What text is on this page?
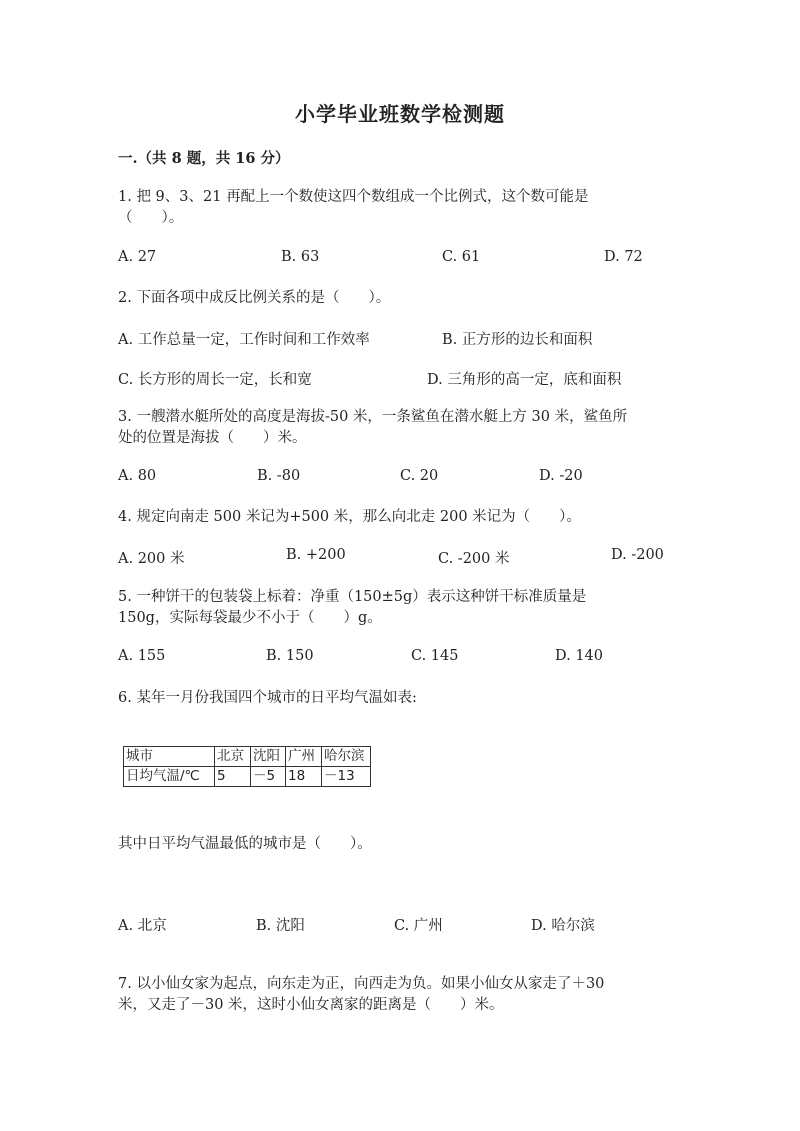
小学毕业班数学检测题
一.（共 8 题，共 16 分）
1. 把 9、3、21 再配上一个数使这四个数组成一个比例式，这个数可能是
（　　）。
A. 27	B. 63	C. 61	D. 72
2. 下面各项中成反比例关系的是（　　）。
A. 工作总量一定，工作时间和工作效率	B. 正方形的边长和面积
C. 长方形的周长一定，长和宽	D. 三角形的高一定，底和面积
3. 一艘潜水艇所处的高度是海拔-50 米，一条鲨鱼在潜水艇上方 30 米，鲨鱼所
处的位置是海拔（　　）米。
A. 80	B. -80	C. 20	D. -20
4. 规定向南走 500 米记为+500 米，那么向北走 200 米记为（　　）。
A. 200 米	B. +200	C. -200 米	D. -200
5. 一种饼干的包装袋上标着：净重（150±5g）表示这种饼干标准质量是
150g，实际每袋最少不小于（　　）g。
A. 155	B. 150	C. 145	D. 140
6. 某年一月份我国四个城市的日平均气温如表:
城市	北京	沈阳	广州	哈尔滨
日均气温/℃	5	－5	18	－13
其中日平均气温最低的城市是（　　）。
A. 北京	B. 沈阳	C. 广州	D. 哈尔滨
7. 以小仙女家为起点，向东走为正，向西走为负。如果小仙女从家走了＋30
米，又走了－30 米，这时小仙女离家的距离是（　　）米。
